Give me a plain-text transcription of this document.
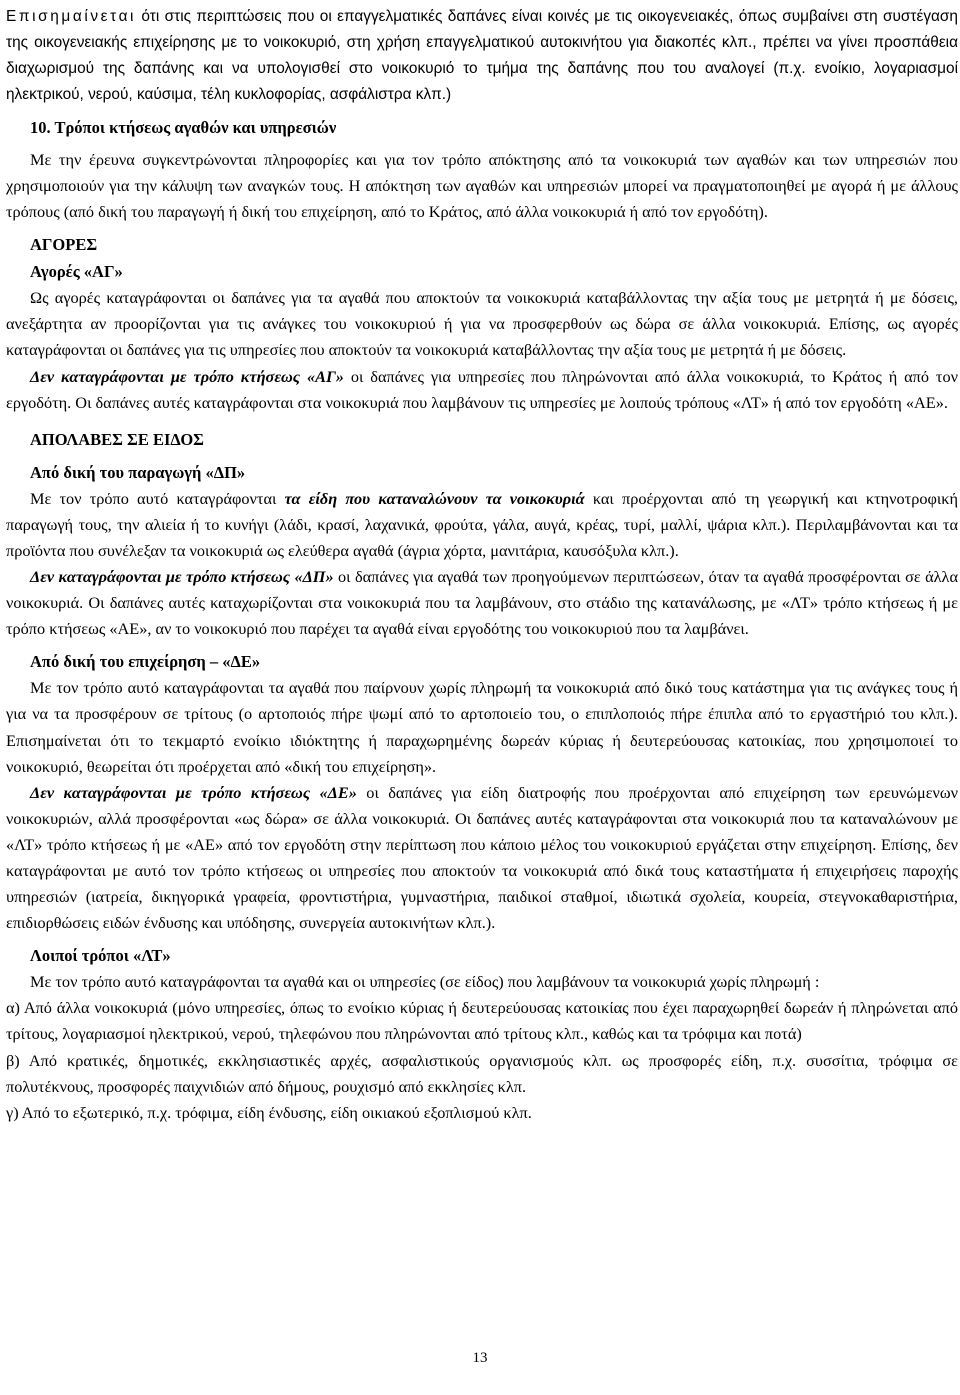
Επισημαίνεται ότι στις περιπτώσεις που οι επαγγελματικές δαπάνες είναι κοινές με τις οικογενειακές, όπως συμβαίνει στη συστέγαση της οικογενειακής επιχείρησης με το νοικοκυριό, στη χρήση επαγγελματικού αυτοκινήτου για διακοπές κλπ., πρέπει να γίνει προσπάθεια διαχωρισμού της δαπάνης και να υπολογισθεί στο νοικοκυριό το τμήμα της δαπάνης που του αναλογεί (π.χ. ενοίκιο, λογαριασμοί ηλεκτρικού, νερού, καύσιμα, τέλη κυκλοφορίας, ασφάλιστρα κλπ.)

10. Τρόποι κτήσεως αγαθών και υπηρεσιών

Με την έρευνα συγκεντρώνονται πληροφορίες και για τον τρόπο απόκτησης από τα νοικοκυριά των αγαθών και των υπηρεσιών που χρησιμοποιούν για την κάλυψη των αναγκών τους. Η απόκτηση των αγαθών και υπηρεσιών μπορεί να πραγματοποιηθεί με αγορά ή με άλλους τρόπους (από δική του παραγωγή ή δική του επιχείρηση, από το Κράτος, από άλλα νοικοκυριά ή από τον εργοδότη).

ΑΓΟΡΕΣ
Αγορές «ΑΓ»

Ως αγορές καταγράφονται οι δαπάνες για τα αγαθά που αποκτούν τα νοικοκυριά καταβάλλοντας την αξία τους με μετρητά ή με δόσεις, ανεξάρτητα αν προορίζονται για τις ανάγκες του νοικοκυριού ή για να προσφερθούν ως δώρα σε άλλα νοικοκυριά. Επίσης, ως αγορές καταγράφονται οι δαπάνες για τις υπηρεσίες που αποκτούν τα νοικοκυριά καταβάλλοντας την αξία τους με μετρητά ή με δόσεις.

Δεν καταγράφονται με τρόπο κτήσεως «ΑΓ» οι δαπάνες για υπηρεσίες που πληρώνονται από άλλα νοικοκυριά, το Κράτος ή από τον εργοδότη. Οι δαπάνες αυτές καταγράφονται στα νοικοκυριά που λαμβάνουν τις υπηρεσίες με λοιπούς τρόπους «ΛΤ» ή από τον εργοδότη «ΑΕ».

ΑΠΟΛΑΒΕΣ ΣΕ ΕΙΔΟΣ
Από δική του παραγωγή «ΔΠ»

Με τον τρόπο αυτό καταγράφονται τα είδη που καταναλώνουν τα νοικοκυριά και προέρχονται από τη γεωργική και κτηνοτροφική παραγωγή τους, την αλιεία ή το κυνήγι (λάδι, κρασί, λαχανικά, φρούτα, γάλα, αυγά, κρέας, τυρί, μαλλί, ψάρια κλπ.). Περιλαμβάνονται και τα προϊόντα που συνέλεξαν τα νοικοκυριά ως ελεύθερα αγαθά (άγρια χόρτα, μανιτάρια, καυσόξυλα κλπ.).

Δεν καταγράφονται με τρόπο κτήσεως «ΔΠ» οι δαπάνες για αγαθά των προηγούμενων περιπτώσεων, όταν τα αγαθά προσφέρονται σε άλλα νοικοκυριά. Οι δαπάνες αυτές καταχωρίζονται στα νοικοκυριά που τα λαμβάνουν, στο στάδιο της κατανάλωσης, με «ΛΤ» τρόπο κτήσεως ή με τρόπο κτήσεως «ΑΕ», αν το νοικοκυριό που παρέχει τα αγαθά είναι εργοδότης του νοικοκυριού που τα λαμβάνει.

Από δική του επιχείρηση – «ΔΕ»

Με τον τρόπο αυτό καταγράφονται τα αγαθά που παίρνουν χωρίς πληρωμή τα νοικοκυριά από δικό τους κατάστημα για τις ανάγκες τους ή για να τα προσφέρουν σε τρίτους (ο αρτοποιός πήρε ψωμί από το αρτοποιείο του, ο επιπλοποιός πήρε έπιπλα από το εργαστήριό του κλπ.). Επισημαίνεται ότι το τεκμαρτό ενοίκιο ιδιόκτητης ή παραχωρημένης δωρεάν κύριας ή δευτερεύουσας κατοικίας, που χρησιμοποιεί το νοικοκυριό, θεωρείται ότι προέρχεται από «δική του επιχείρηση».

Δεν καταγράφονται με τρόπο κτήσεως «ΔΕ» οι δαπάνες για είδη διατροφής που προέρχονται από επιχείρηση των ερευνώμενων νοικοκυριών, αλλά προσφέρονται «ως δώρα» σε άλλα νοικοκυριά. Οι δαπάνες αυτές καταγράφονται στα νοικοκυριά που τα καταναλώνουν με «ΛΤ» τρόπο κτήσεως ή με «ΑΕ» από τον εργοδότη στην περίπτωση που κάποιο μέλος του νοικοκυριού εργάζεται στην επιχείρηση. Επίσης, δεν καταγράφονται με αυτό τον τρόπο κτήσεως οι υπηρεσίες που αποκτούν τα νοικοκυριά από δικά τους καταστήματα ή επιχειρήσεις παροχής υπηρεσιών (ιατρεία, δικηγορικά γραφεία, φροντιστήρια, γυμναστήρια, παιδικοί σταθμοί, ιδιωτικά σχολεία, κουρεία, στεγνοκαθαριστήρια, επιδιορθώσεις ειδών ένδυσης και υπόδησης, συνεργεία αυτοκινήτων κλπ.).

Λοιποί τρόποι «ΛΤ»

Με τον τρόπο αυτό καταγράφονται τα αγαθά και οι υπηρεσίες (σε είδος) που λαμβάνουν τα νοικοκυριά χωρίς πληρωμή :

α) Από άλλα νοικοκυριά (μόνο υπηρεσίες, όπως το ενοίκιο κύριας ή δευτερεύουσας κατοικίας που έχει παραχωρηθεί δωρεάν ή πληρώνεται από τρίτους, λογαριασμοί ηλεκτρικού, νερού, τηλεφώνου που πληρώνονται από τρίτους κλπ., καθώς και τα τρόφιμα και ποτά)

β) Από κρατικές, δημοτικές, εκκλησιαστικές αρχές, ασφαλιστικούς οργανισμούς κλπ. ως προσφορές είδη, π.χ. συσσίτια, τρόφιμα σε πολυτέκνους, προσφορές παιχνιδιών από δήμους, ρουχισμό από εκκλησίες κλπ.

γ) Από το εξωτερικό, π.χ. τρόφιμα, είδη ένδυσης, είδη οικιακού εξοπλισμού κλπ.

13
